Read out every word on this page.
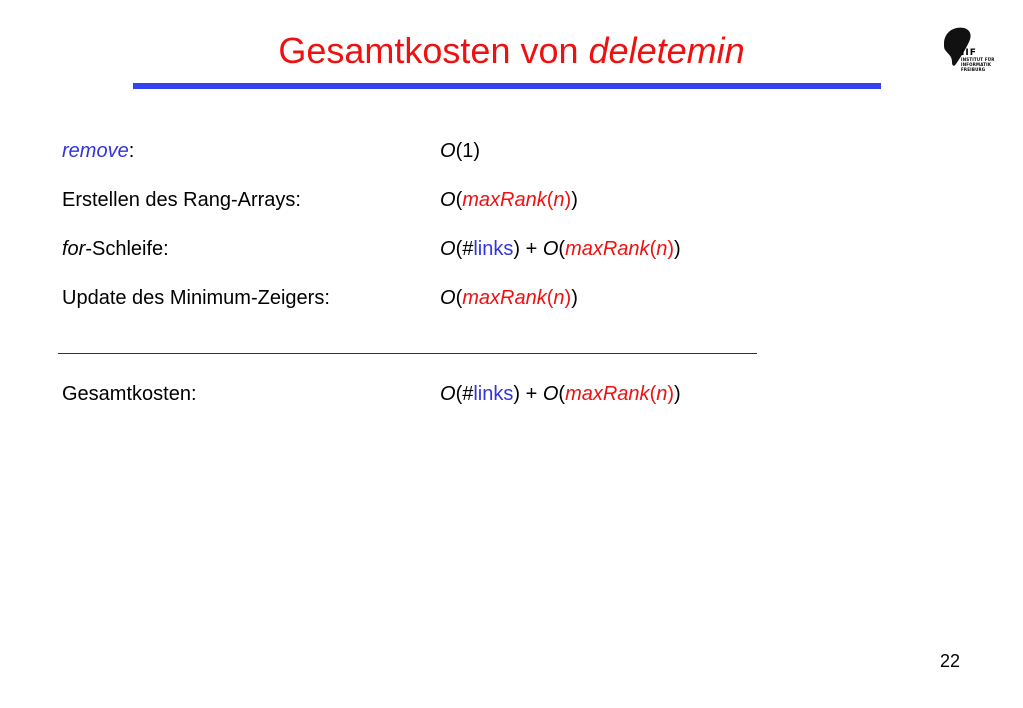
Gesamtkosten von deletemin	IIF
INSTITUT FÜR
INFORMATIK
FREIBURG
remove:	O(1)
Erstellen des Rang-Arrays:	O(maxRank(n))
for-Schleife:	O(#links) + O(maxRank(n))
Update des Minimum-Zeigers:	O(maxRank(n))
Gesamtkosten:	O(#links) + O(maxRank(n))
22
